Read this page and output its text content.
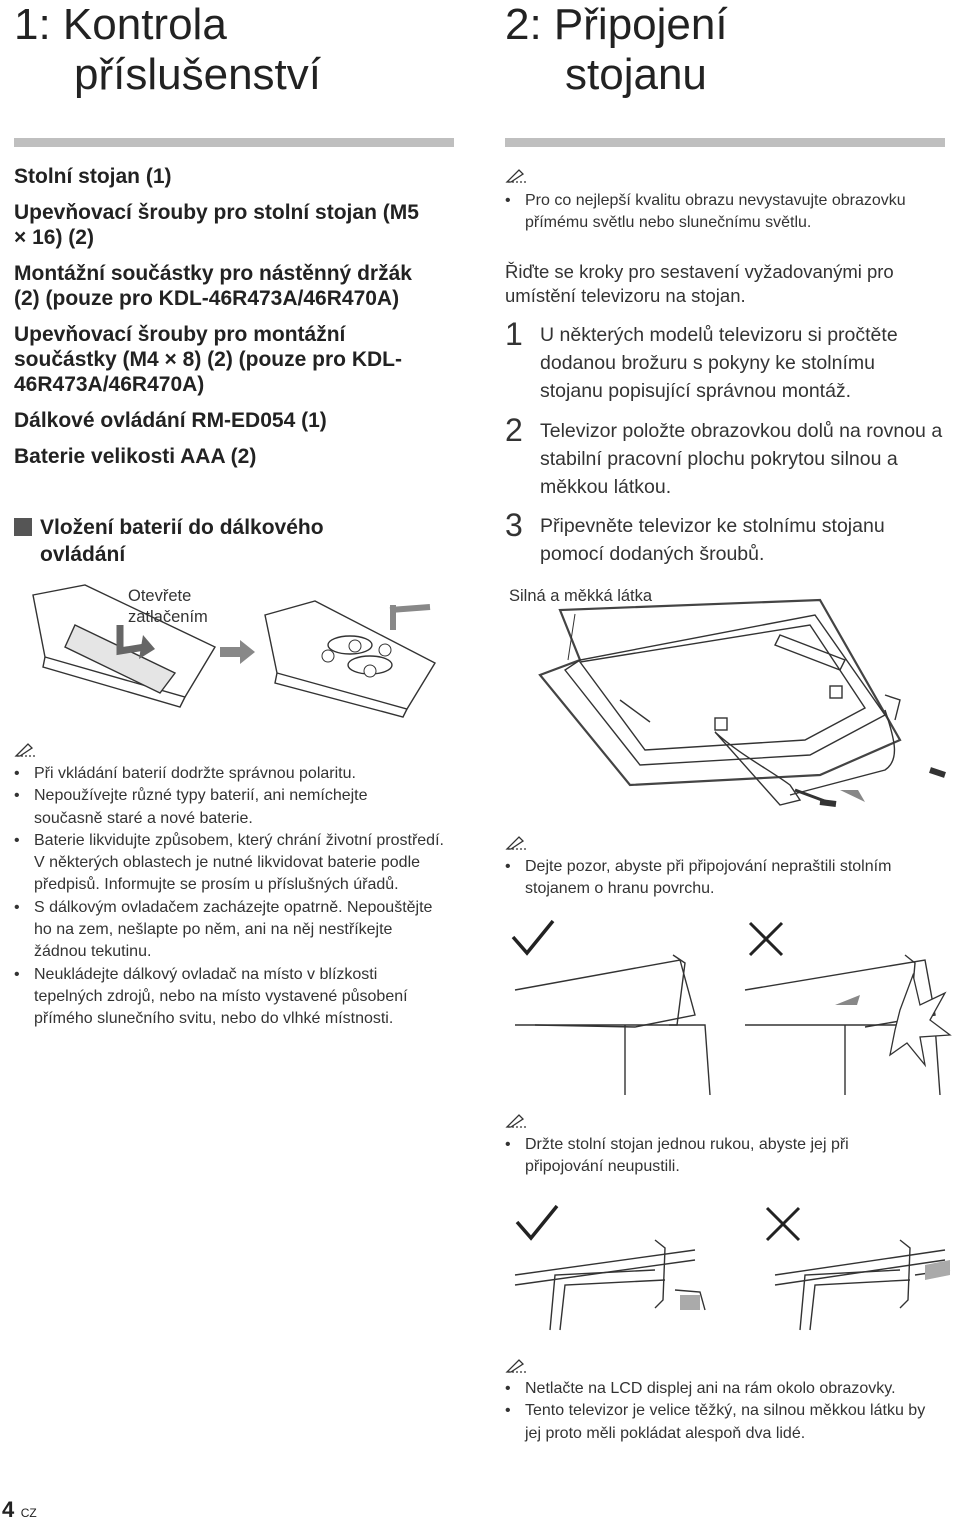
1: Kontrola
příslušenství
Stolní stojan (1)
Upevňovací šrouby pro stolní stojan (M5 × 16) (2)
Montážní součástky pro nástěnný držák (2) (pouze pro KDL-46R473A/46R470A)
Upevňovací šrouby pro montážní součástky (M4 × 8) (2) (pouze pro KDL-46R473A/46R470A)
Dálkové ovládání RM-ED054 (1)
Baterie velikosti AAA (2)
Vložení baterií do dálkového
ovládání
Otevřete
zatlačením
• Při vkládání baterií dodržte správnou polaritu.
• Nepoužívejte různé typy baterií, ani nemíchejte současně staré a nové baterie.
• Baterie likvidujte způsobem, který chrání životní prostředí. V některých oblastech je nutné likvidovat baterie podle předpisů. Informujte se prosím u příslušných úřadů.
• S dálkovým ovladačem zacházejte opatrně. Nepouštějte ho na zem, nešlapte po něm, ani na něj nestříkejte žádnou tekutinu.
• Neukládejte dálkový ovladač na místo v blízkosti tepelných zdrojů, nebo na místo vystavené působení přímého slunečního svitu, nebo do vlhké místnosti.
2: Připojení
stojanu
• Pro co nejlepší kvalitu obrazu nevystavujte obrazovku přímému světlu nebo slunečnímu světlu.
Řiďte se kroky pro sestavení vyžadovanými pro umístění televizoru na stojan.
1 U některých modelů televizoru si pročtěte dodanou brožuru s pokyny ke stolnímu stojanu popisující správnou montáž.
2 Televizor položte obrazovkou dolů na rovnou a stabilní pracovní plochu pokrytou silnou a měkkou látkou.
3 Připevněte televizor ke stolnímu stojanu pomocí dodaných šroubů.
Silná a měkká látka
• Dejte pozor, abyste při připojování nepraštili stolním stojanem o hranu povrchu.
• Držte stolní stojan jednou rukou, abyste jej při připojování neupustili.
• Netlačte na LCD displej ani na rám okolo obrazovky.
• Tento televizor je velice těžký, na silnou měkkou látku by jej proto měli pokládat alespoň dva lidé.
4 CZ
